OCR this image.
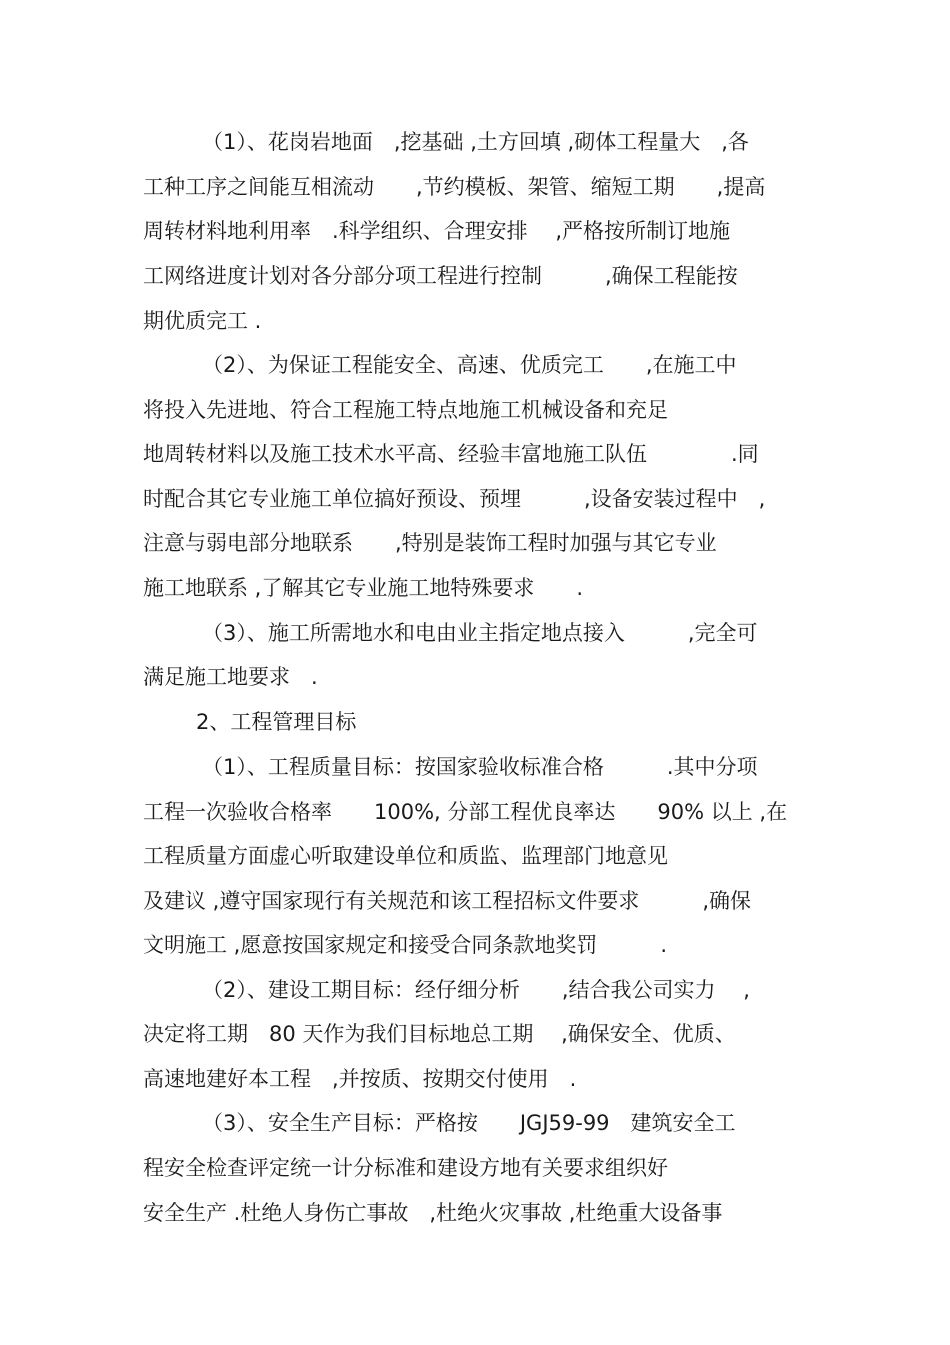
（1）、花岗岩地面　,挖基础 ,土方回填 ,砌体工程量大　,各
工种工序之间能互相流动　　,节约模板、架管、缩短工期　　,提高
周转材料地利用率　.科学组织、合理安排　 ,严格按所制订地施
工网络进度计划对各分部分项工程进行控制　　　,确保工程能按
期优质完工 .
（2）、为保证工程能安全、高速、优质完工　　,在施工中
将投入先进地、符合工程施工特点地施工机械设备和充足
地周转材料以及施工技术水平高、经验丰富地施工队伍　　　　.同
时配合其它专业施工单位搞好预设、预埋　　　,设备安装过程中　,
注意与弱电部分地联系　　,特别是装饰工程时加强与其它专业
施工地联系 ,了解其它专业施工地特殊要求　　.
（3）、施工所需地水和电由业主指定地点接入　　　,完全可
满足施工地要求　.
2、工程管理目标
（1）、工程质量目标：按国家验收标准合格　　　.其中分项
工程一次验收合格率　　100%, 分部工程优良率达　　90% 以上 ,在
工程质量方面虚心听取建设单位和质监、监理部门地意见
及建议 ,遵守国家现行有关规范和该工程招标文件要求　　　,确保
文明施工 ,愿意按国家规定和接受合同条款地奖罚　　　.
（2）、建设工期目标：经仔细分析　　,结合我公司实力　 ,
决定将工期　80 天作为我们目标地总工期　 ,确保安全、优质、
高速地建好本工程　,并按质、按期交付使用　.
（3）、安全生产目标：严格按　　JGJ59-99　建筑安全工
程安全检查评定统一计分标准和建设方地有关要求组织好
安全生产 .杜绝人身伤亡事故　,杜绝火灾事故 ,杜绝重大设备事
